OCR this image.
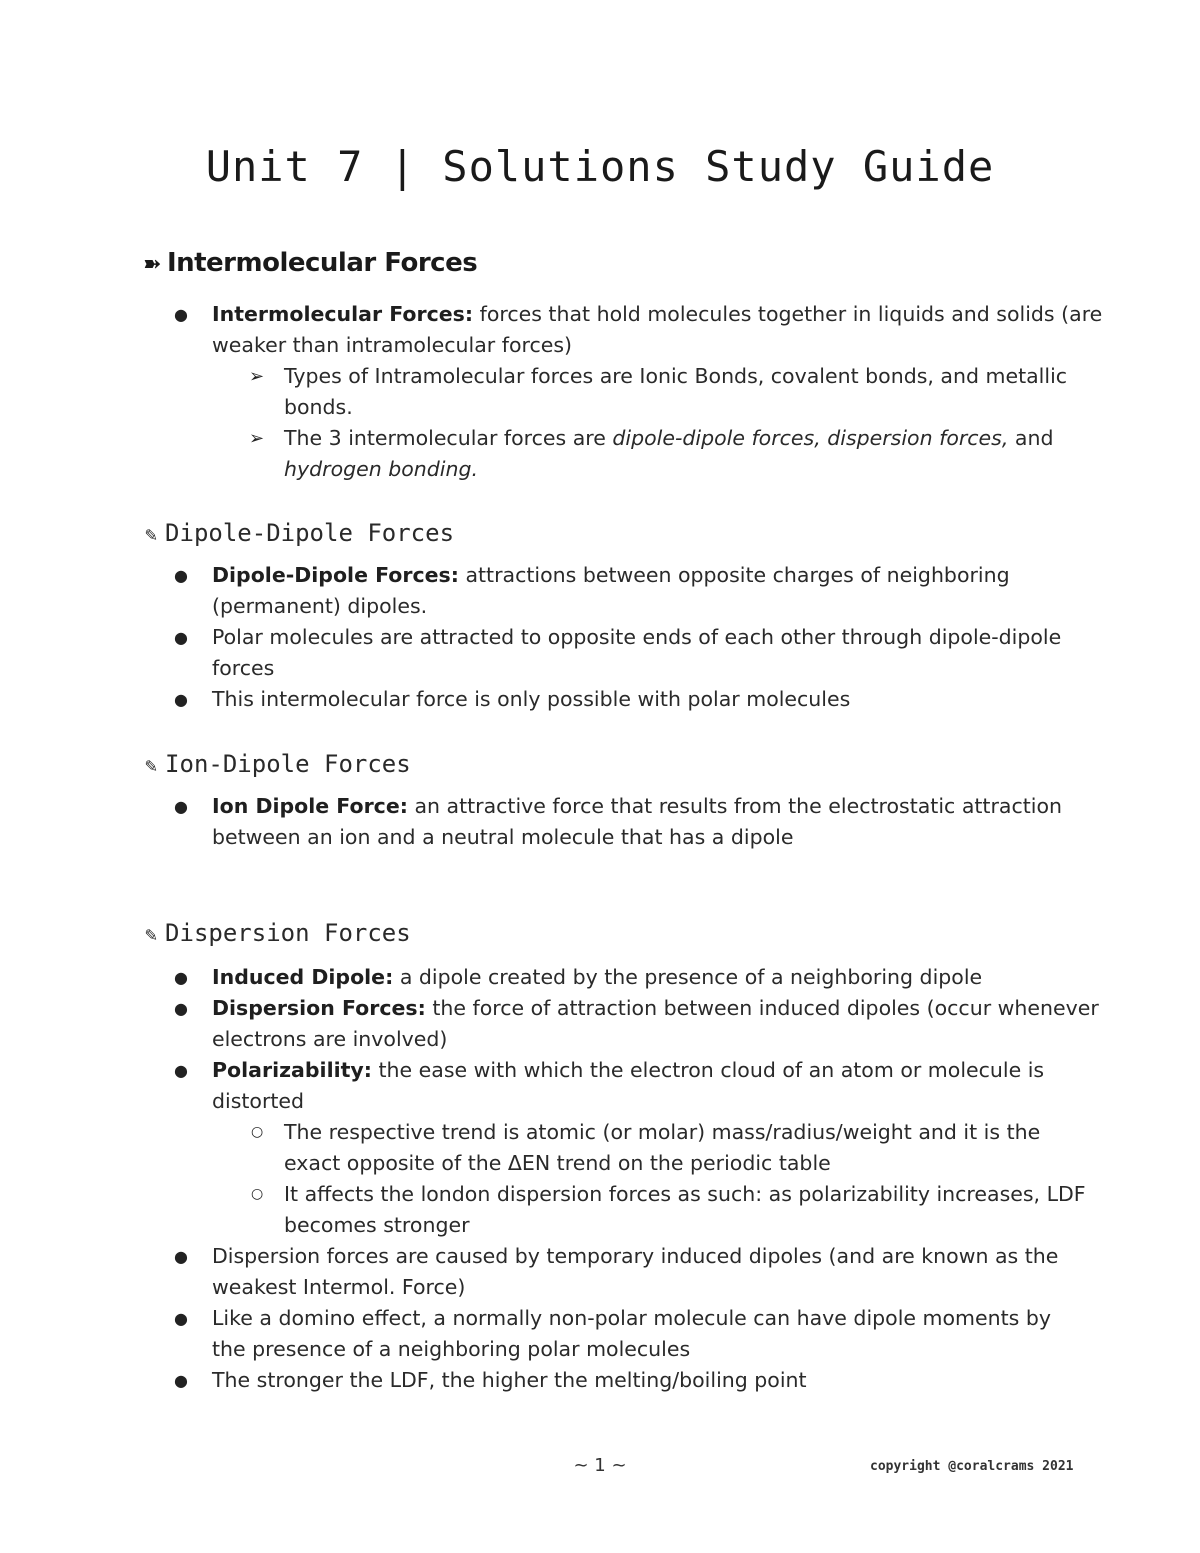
Unit 7 | Solutions Study Guide
➽ Intermolecular Forces
● Intermolecular Forces: forces that hold molecules together in liquids and solids (are
weaker than intramolecular forces)
➢ Types of Intramolecular forces are Ionic Bonds, covalent bonds, and metallic
bonds.
➢ The 3 intermolecular forces are dipole-dipole forces, dispersion forces, and
hydrogen bonding.
✎ Dipole-Dipole Forces
● Dipole-Dipole Forces: attractions between opposite charges of neighboring
(permanent) dipoles.
● Polar molecules are attracted to opposite ends of each other through dipole-dipole
forces
● This intermolecular force is only possible with polar molecules
✎ Ion-Dipole Forces
● Ion Dipole Force: an attractive force that results from the electrostatic attraction
between an ion and a neutral molecule that has a dipole
✎ Dispersion Forces
● Induced Dipole: a dipole created by the presence of a neighboring dipole
● Dispersion Forces: the force of attraction between induced dipoles (occur whenever
electrons are involved)
● Polarizability: the ease with which the electron cloud of an atom or molecule is
distorted
○ The respective trend is atomic (or molar) mass/radius/weight and it is the
exact opposite of the ΔEN trend on the periodic table
○ It affects the london dispersion forces as such: as polarizability increases, LDF
becomes stronger
● Dispersion forces are caused by temporary induced dipoles (and are known as the
weakest Intermol. Force)
● Like a domino effect, a normally non-polar molecule can have dipole moments by
the presence of a neighboring polar molecules
● The stronger the LDF, the higher the melting/boiling point
~ 1 ~	copyright @coralcrams 2021
